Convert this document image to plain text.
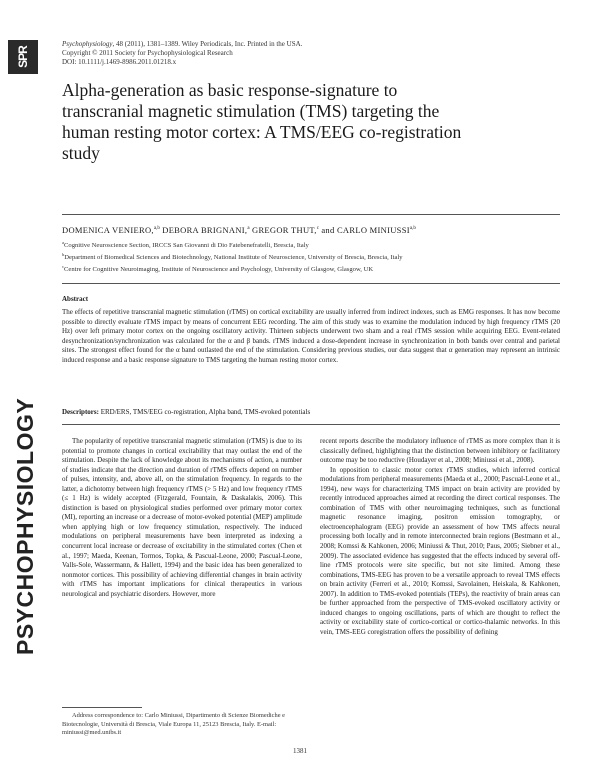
SPR
PSYCHOPHYSIOLOGY
Psychophysiology, 48 (2011), 1381–1389. Wiley Periodicals, Inc. Printed in the USA.
Copyright © 2011 Society for Psychophysiological Research
DOI: 10.1111/j.1469-8986.2011.01218.x
Alpha-generation as basic response-signature to transcranial magnetic stimulation (TMS) targeting the human resting motor cortex: A TMS/EEG co-registration study
DOMENICA VENIERO,$^{a,b}$ DEBORA BRIGNANI,$^a$ GREGOR THUT,$^c$ and CARLO MINIUSSI$^{a,b}$
$^a$Cognitive Neuroscience Section, IRCCS San Giovanni di Dio Fatebenefratelli, Brescia, Italy
$^b$Department of Biomedical Sciences and Biotechnology, National Institute of Neuroscience, University of Brescia, Brescia, Italy
$^c$Centre for Cognitive Neuroimaging, Institute of Neuroscience and Psychology, University of Glasgow, Glasgow, UK
Abstract
The effects of repetitive transcranial magnetic stimulation (rTMS) on cortical excitability are usually inferred from indirect indexes, such as EMG responses. It has now become possible to directly evaluate rTMS impact by means of concurrent EEG recording. The aim of this study was to examine the modulation induced by high frequency rTMS (20 Hz) over left primary motor cortex on the ongoing oscillatory activity. Thirteen subjects underwent two sham and a real rTMS session while acquiring EEG. Event-related desynchronization/synchronization was calculated for the α and β bands. rTMS induced a dose-dependent increase in synchronization in both bands over central and parietal sites. The strongest effect found for the α band outlasted the end of the stimulation. Considering previous studies, our data suggest that α generation may represent an intrinsic induced response and a basic response signature to TMS targeting the human resting motor cortex.
Descriptors: ERD/ERS, TMS/EEG co-registration, Alpha band, TMS-evoked potentials

The popularity of repetitive transcranial magnetic stimulation (rTMS) is due to its potential to promote changes in cortical excitability that may outlast the end of the stimulation. Despite the lack of knowledge about its mechanisms of action, a number of studies indicate that the direction and duration of rTMS effects depend on number of pulses, intensity, and, above all, on the stimulation frequency. In regards to the latter, a dichotomy between high frequency rTMS (> 5 Hz) and low frequency rTMS (≤ 1 Hz) is widely accepted (Fitzgerald, Fountain, & Daskalakis, 2006). This distinction is based on physiological studies performed over primary motor cortex (MI), reporting an increase or a decrease of motor-evoked potential (MEP) amplitude when applying high or low frequency stimulation, respectively. The induced modulations on peripheral measurements have been interpreted as indexing a concurrent local increase or decrease of excitability in the stimulated cortex (Chen et al., 1997; Maeda, Keenan, Tormos, Topka, & Pascual-Leone, 2000; Pascual-Leone, Valls-Sole, Wassermann, & Hallett, 1994) and the basic idea has been generalized to nonmotor cortices. This possibility of achieving differential changes in brain activity with rTMS has important implications for clinical therapeutics in various neurological and psychiatric disorders. However, more

recent reports describe the modulatory influence of rTMS as more complex than it is classically defined, highlighting that the distinction between inhibitory or facilitatory outcome may be too reductive (Houdayer et al., 2008; Miniussi et al., 2008).

In opposition to classic motor cortex rTMS studies, which inferred cortical modulations from peripheral measurements (Maeda et al., 2000; Pascual-Leone et al., 1994), new ways for characterizing TMS impact on brain activity are provided by recently introduced approaches aimed at recording the direct cortical responses. The combination of TMS with other neuroimaging techniques, such as functional magnetic resonance imaging, positron emission tomography, or electroencephalogram (EEG) provide an assessment of how TMS affects neural processing both locally and in remote interconnected brain regions (Bestmann et al., 2008; Komssi & Kahkonen, 2006; Miniussi & Thut, 2010; Paus, 2005; Siebner et al., 2009). The associated evidence has suggested that the effects induced by several off-line rTMS protocols were site specific, but not site limited. Among these combinations, TMS-EEG has proven to be a versatile approach to reveal TMS effects on brain activity (Ferreri et al., 2010; Komssi, Savolainen, Heiskala, & Kahkonen, 2007). In addition to TMS-evoked potentials (TEPs), the reactivity of brain areas can be further approached from the perspective of TMS-evoked oscillatory activity or induced changes to ongoing oscillations, parts of which are thought to reflect the activity or excitability state of cortico-cortical or cortico-thalamic networks. In this vein, TMS-EEG coregistration offers the possibility of defining

Address correspondence to: Carlo Miniussi, Dipartimento di Scienze Biomediche e Biotecnologie, Università di Brescia, Viale Europa 11, 25123 Brescia, Italy. E-mail: miniussi@med.unibs.it
1381
